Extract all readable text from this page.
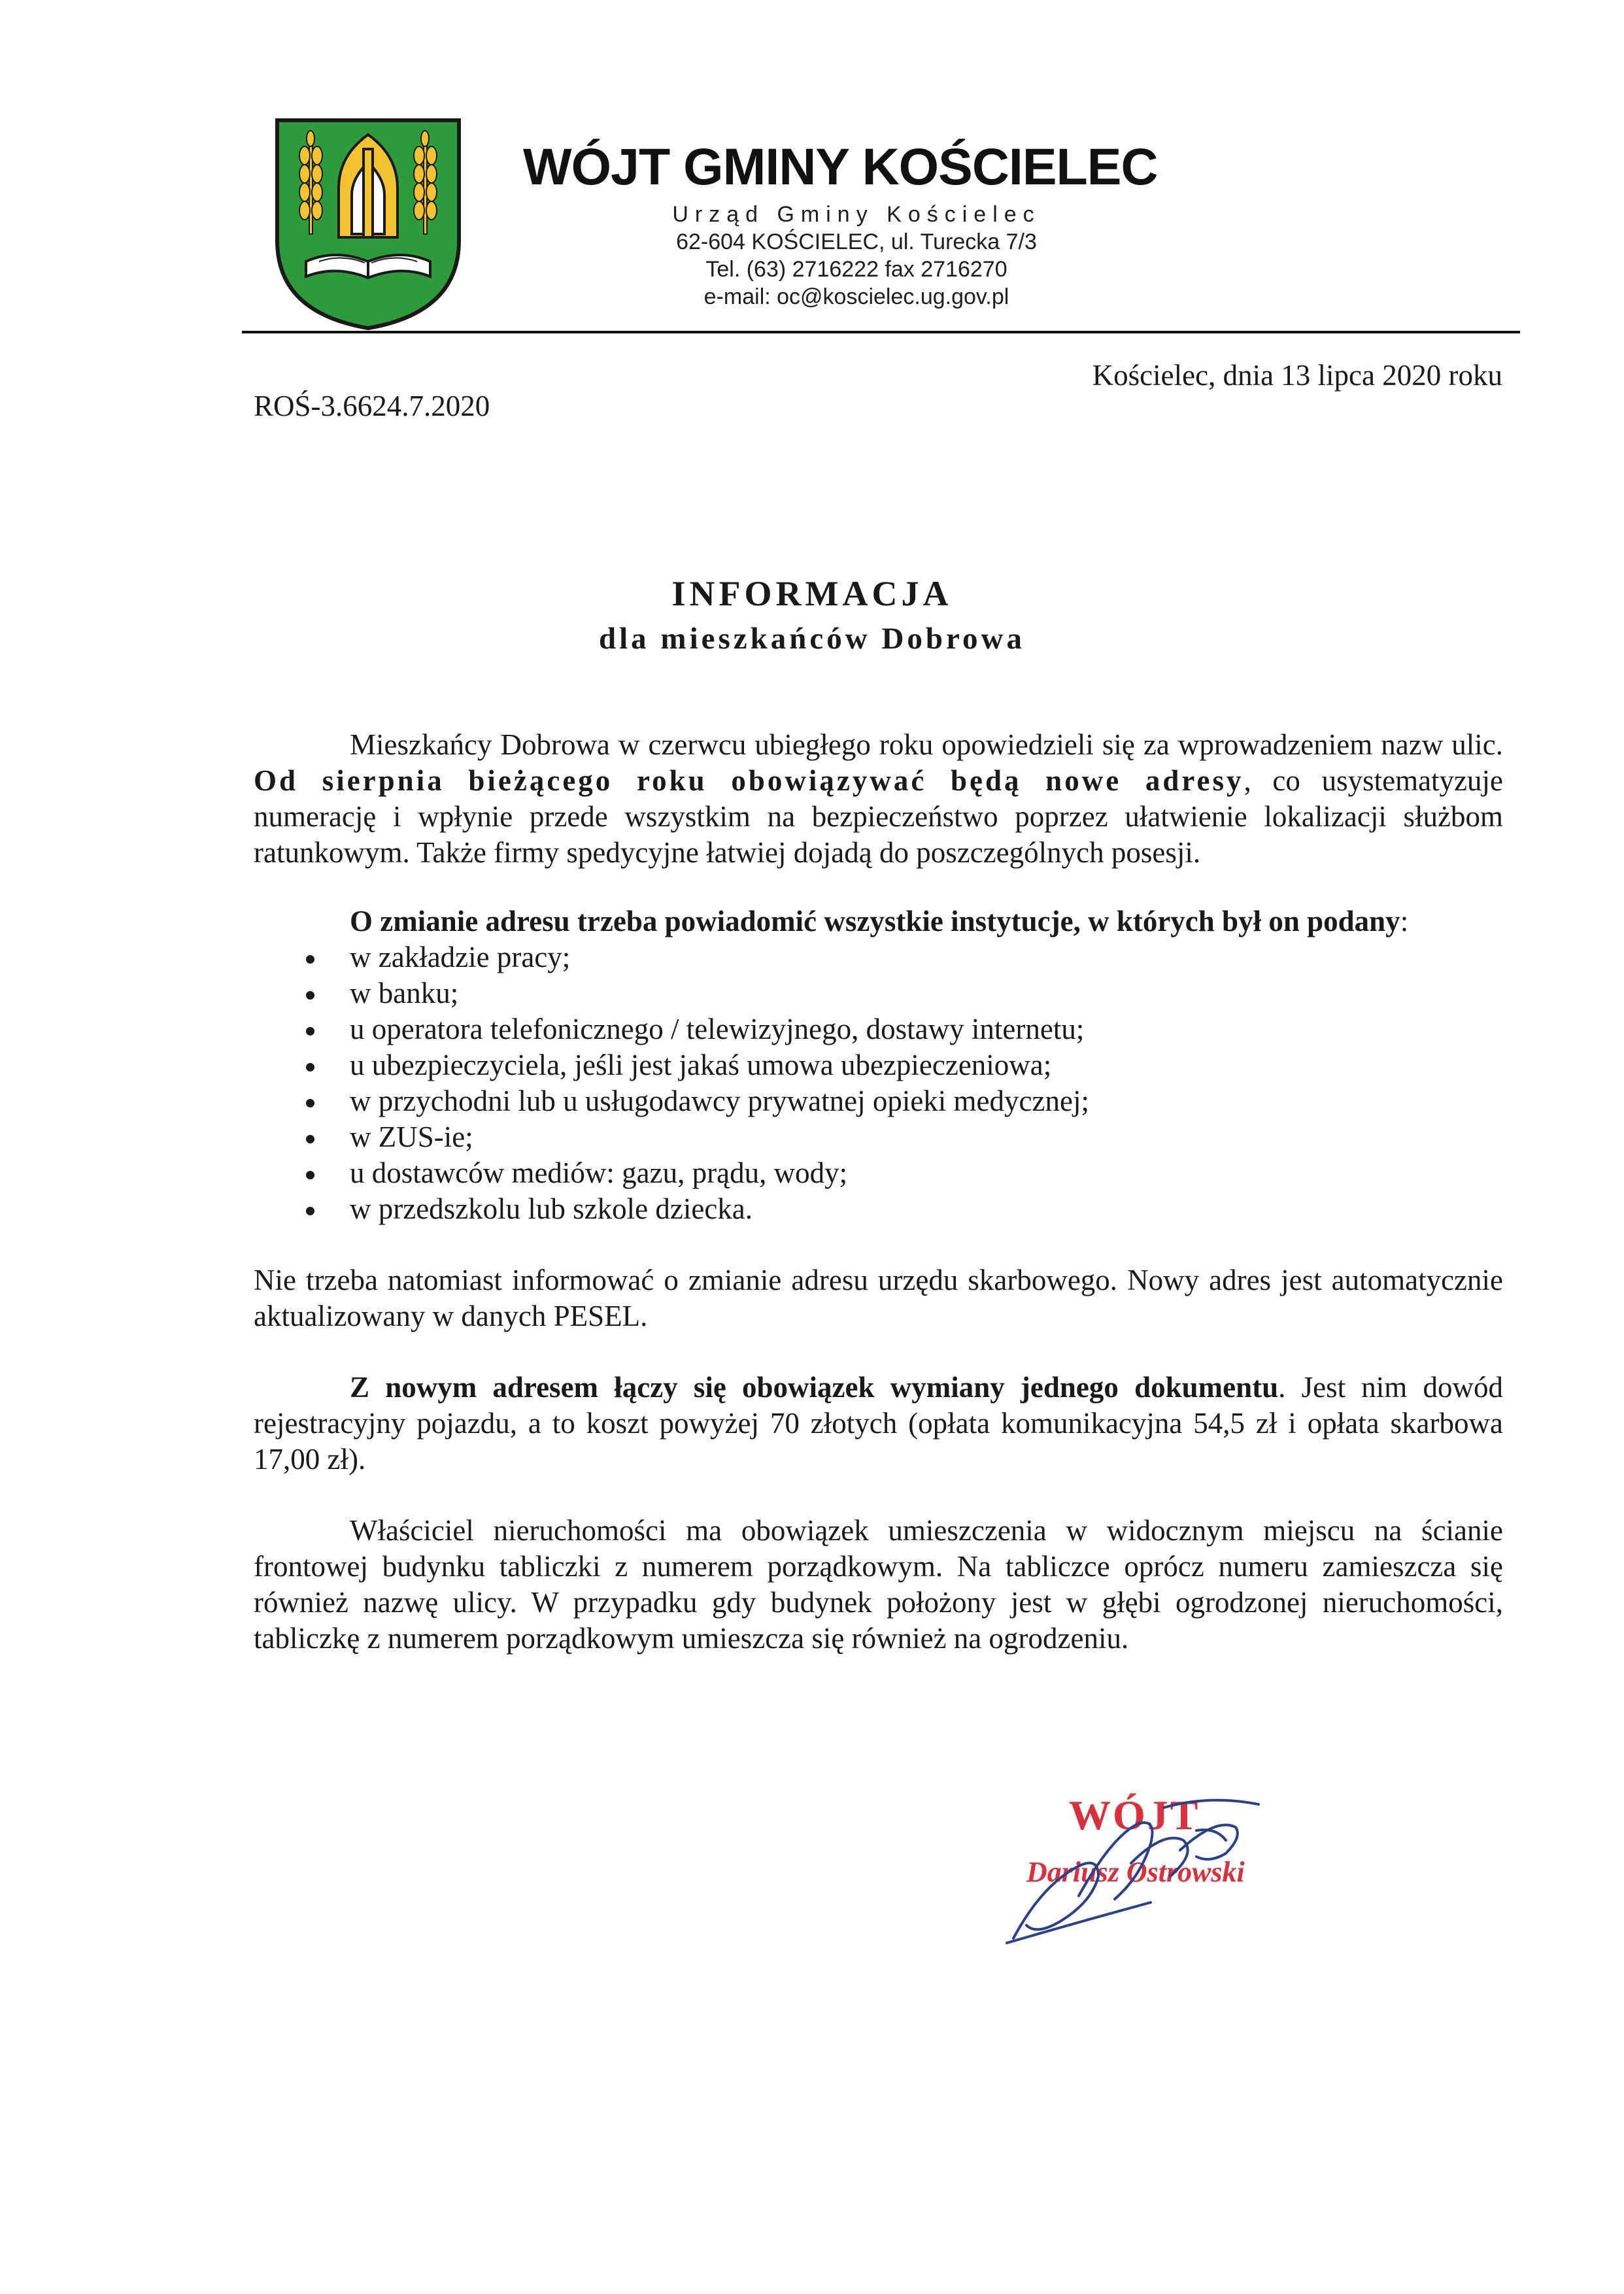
WÓJT GMINY KOŚCIELEC
Urząd Gminy Kościelec
62-604 KOŚCIELEC, ul. Turecka 7/3
Tel. (63) 2716222 fax 2716270
e-mail: oc@koscielec.ug.gov.pl
ROŚ-3.6624.7.2020
Kościelec, dnia 13 lipca 2020 roku
INFORMACJA
dla mieszkańców Dobrowa

Mieszkańcy Dobrowa w czerwcu ubiegłego roku opowiedzieli się za wprowadzeniem nazw ulic. Od sierpnia bieżącego roku obowiązywać będą nowe adresy, co usystematyzuje numerację i wpłynie przede wszystkim na bezpieczeństwo poprzez ułatwienie lokalizacji służbom ratunkowym. Także firmy spedycyjne łatwiej dojadą do poszczególnych posesji.

O zmianie adresu trzeba powiadomić wszystkie instytucje, w których był on podany:

w zakładzie pracy;
w banku;
u operatora telefonicznego / telewizyjnego, dostawy internetu;
u ubezpieczyciela, jeśli jest jakaś umowa ubezpieczeniowa;
w przychodni lub u usługodawcy prywatnej opieki medycznej;
w ZUS-ie;
u dostawców mediów: gazu, prądu, wody;
w przedszkolu lub szkole dziecka.

Nie trzeba natomiast informować o zmianie adresu urzędu skarbowego. Nowy adres jest automatycznie aktualizowany w danych PESEL.

Z nowym adresem łączy się obowiązek wymiany jednego dokumentu. Jest nim dowód rejestracyjny pojazdu, a to koszt powyżej 70 złotych (opłata komunikacyjna 54,5 zł i opłata skarbowa 17,00 zł).

Właściciel nieruchomości ma obowiązek umieszczenia w widocznym miejscu na ścianie frontowej budynku tabliczki z numerem porządkowym. Na tabliczce oprócz numeru zamieszcza się również nazwę ulicy. W przypadku gdy budynek położony jest w głębi ogrodzonej nieruchomości, tabliczkę z numerem porządkowym umieszcza się również na ogrodzeniu.

WÓJT
Dariusz Ostrowski
